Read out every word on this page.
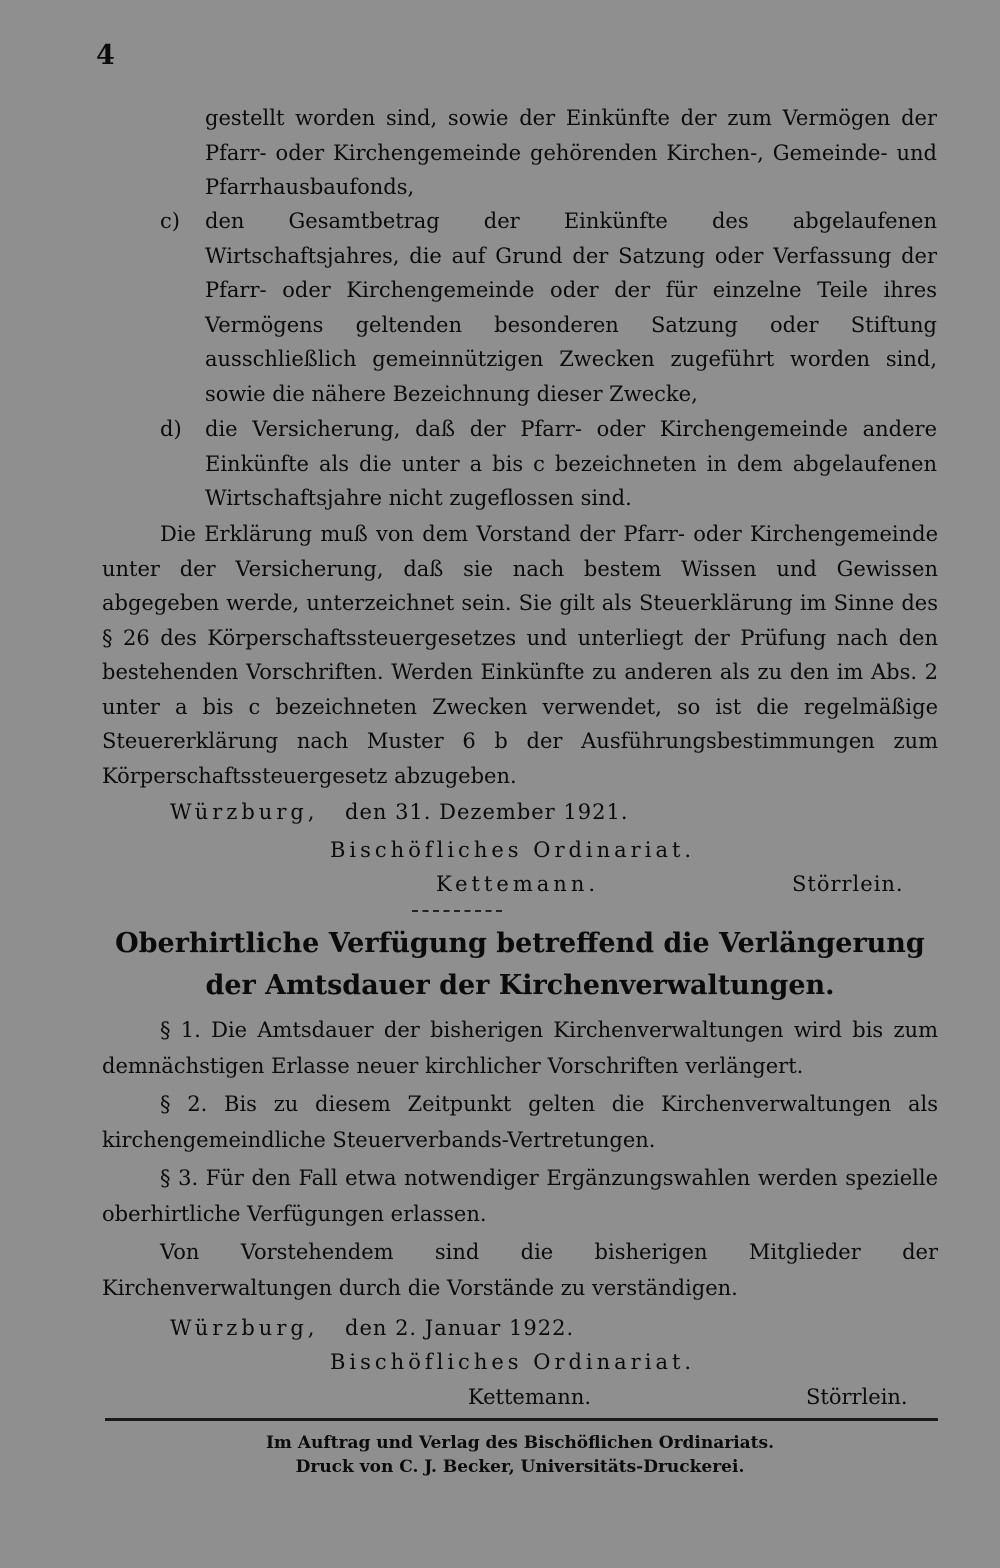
4
gestellt worden sind, sowie der Einkünfte der zum Vermögen der Pfarr- oder Kirchengemeinde gehörenden Kirchen-, Gemeinde- und Pfarrhausbaufonds,
c)	den Gesamtbetrag der Einkünfte des abgelaufenen Wirtschaftsjahres, die auf Grund der Satzung oder Verfassung der Pfarr- oder Kirchengemeinde oder der für einzelne Teile ihres Vermögens geltenden besonderen Satzung oder Stiftung ausschließlich gemeinnützigen Zwecken zugeführt worden sind, sowie die nähere Bezeichnung dieser Zwecke,
d)	die Versicherung, daß der Pfarr- oder Kirchengemeinde andere Einkünfte als die unter a bis c bezeichneten in dem abgelaufenen Wirtschaftsjahre nicht zugeflossen sind.
Die Erklärung muß von dem Vorstand der Pfarr- oder Kirchengemeinde unter der Versicherung, daß sie nach bestem Wissen und Gewissen abgegeben werde, unterzeichnet sein. Sie gilt als Steuerklärung im Sinne des § 26 des Körperschaftssteuergesetzes und unterliegt der Prüfung nach den bestehenden Vorschriften. Werden Einkünfte zu anderen als zu den im Abs. 2 unter a bis c bezeichneten Zwecken verwendet, so ist die regelmäßige Steuererklärung nach Muster 6 b der Ausführungsbestimmungen zum Körperschaftssteuergesetz abzugeben.
Würzburg, den 31. Dezember 1921.
Bischöfliches Ordinariat.
Kettemann.	Störrlein.
Oberhirtliche Verfügung betreffend die Verlängerung der Amtsdauer der Kirchenverwaltungen.
§ 1. Die Amtsdauer der bisherigen Kirchenverwaltungen wird bis zum demnächstigen Erlasse neuer kirchlicher Vorschriften verlängert.
§ 2. Bis zu diesem Zeitpunkt gelten die Kirchenverwaltungen als kirchengemeindliche Steuerverbands-Vertretungen.
§ 3. Für den Fall etwa notwendiger Ergänzungswahlen werden spezielle oberhirtliche Verfügungen erlassen.
Von Vorstehendem sind die bisherigen Mitglieder der Kirchenverwaltungen durch die Vorstände zu verständigen.
Würzburg, den 2. Januar 1922.
Bischöfliches Ordinariat.
Kettemann.	Störrlein.
Im Auftrag und Verlag des Bischöflichen Ordinariats.
Druck von C. J. Becker, Universitäts-Druckerei.
